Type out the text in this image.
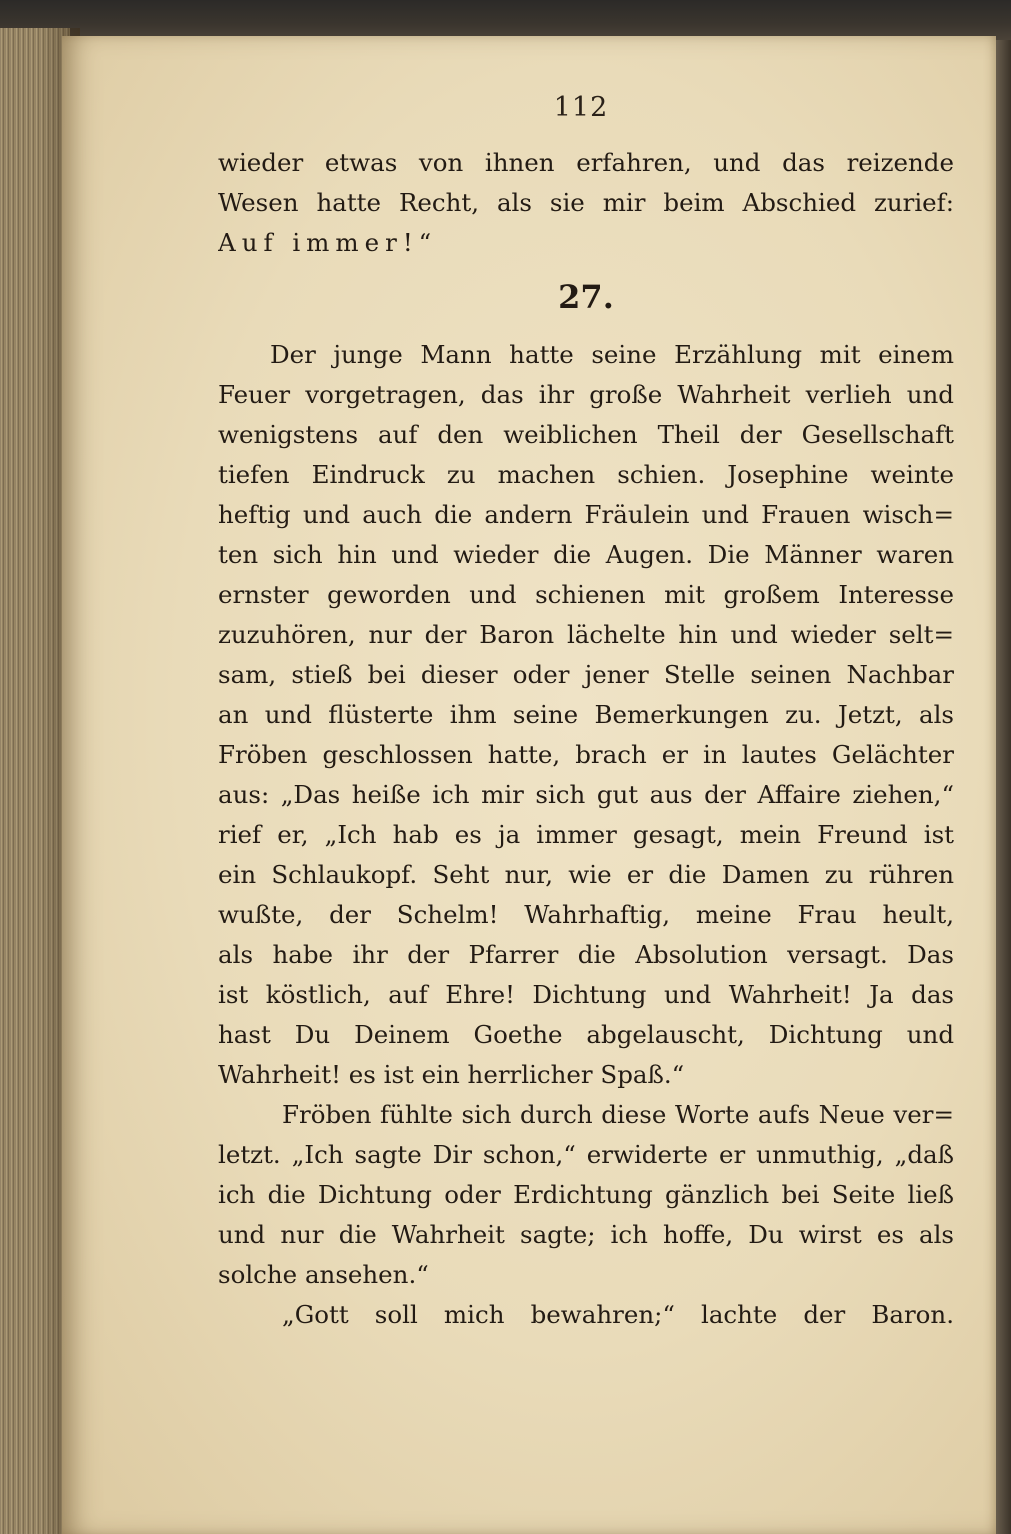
112
wieder etwas von ihnen erfahren, und das reizende
Wesen hatte Recht, als sie mir beim Abschied zurief:
Auf immer!“
27.
Der junge Mann hatte seine Erzählung mit einem
Feuer vorgetragen, das ihr große Wahrheit verlieh und
wenigstens auf den weiblichen Theil der Gesellschaft
tiefen Eindruck zu machen schien. Josephine weinte
heftig und auch die andern Fräulein und Frauen wisch=
ten sich hin und wieder die Augen. Die Männer waren
ernster geworden und schienen mit großem Interesse
zuzuhören, nur der Baron lächelte hin und wieder selt=
sam, stieß bei dieser oder jener Stelle seinen Nachbar
an und flüsterte ihm seine Bemerkungen zu. Jetzt, als
Fröben geschlossen hatte, brach er in lautes Gelächter
aus: „Das heiße ich mir sich gut aus der Affaire ziehen,“
rief er, „Ich hab es ja immer gesagt, mein Freund ist
ein Schlaukopf. Seht nur, wie er die Damen zu rühren
wußte, der Schelm! Wahrhaftig, meine Frau heult,
als habe ihr der Pfarrer die Absolution versagt. Das
ist köstlich, auf Ehre! Dichtung und Wahrheit! Ja das
hast Du Deinem Goethe abgelauscht, Dichtung und
Wahrheit! es ist ein herrlicher Spaß.“
Fröben fühlte sich durch diese Worte aufs Neue ver=
letzt. „Ich sagte Dir schon,“ erwiderte er unmuthig, „daß
ich die Dichtung oder Erdichtung gänzlich bei Seite ließ
und nur die Wahrheit sagte; ich hoffe, Du wirst es als
solche ansehen.“
„Gott soll mich bewahren;“ lachte der Baron.
